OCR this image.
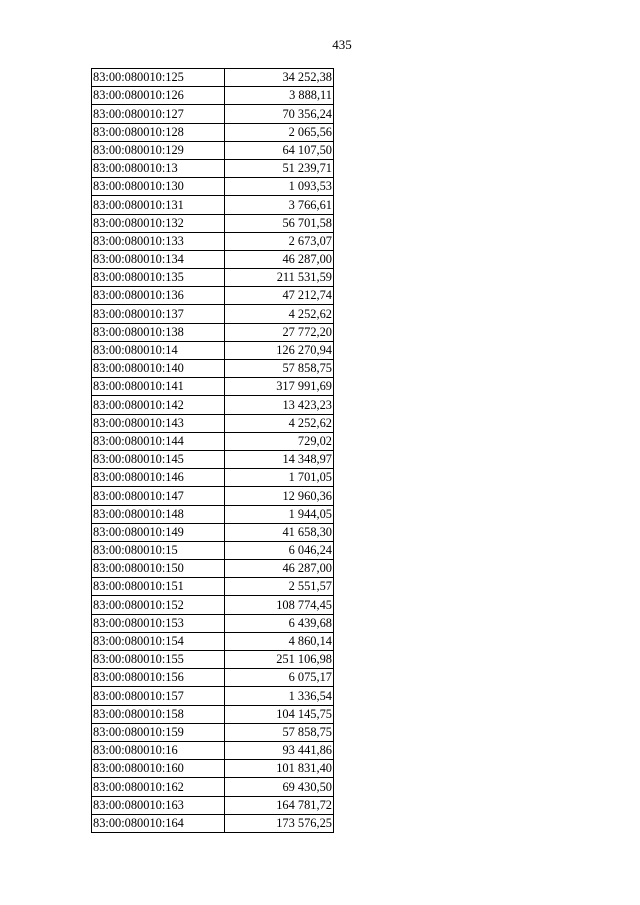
435
83:00:080010:125	34 252,38
83:00:080010:126	3 888,11
83:00:080010:127	70 356,24
83:00:080010:128	2 065,56
83:00:080010:129	64 107,50
83:00:080010:13	51 239,71
83:00:080010:130	1 093,53
83:00:080010:131	3 766,61
83:00:080010:132	56 701,58
83:00:080010:133	2 673,07
83:00:080010:134	46 287,00
83:00:080010:135	211 531,59
83:00:080010:136	47 212,74
83:00:080010:137	4 252,62
83:00:080010:138	27 772,20
83:00:080010:14	126 270,94
83:00:080010:140	57 858,75
83:00:080010:141	317 991,69
83:00:080010:142	13 423,23
83:00:080010:143	4 252,62
83:00:080010:144	729,02
83:00:080010:145	14 348,97
83:00:080010:146	1 701,05
83:00:080010:147	12 960,36
83:00:080010:148	1 944,05
83:00:080010:149	41 658,30
83:00:080010:15	6 046,24
83:00:080010:150	46 287,00
83:00:080010:151	2 551,57
83:00:080010:152	108 774,45
83:00:080010:153	6 439,68
83:00:080010:154	4 860,14
83:00:080010:155	251 106,98
83:00:080010:156	6 075,17
83:00:080010:157	1 336,54
83:00:080010:158	104 145,75
83:00:080010:159	57 858,75
83:00:080010:16	93 441,86
83:00:080010:160	101 831,40
83:00:080010:162	69 430,50
83:00:080010:163	164 781,72
83:00:080010:164	173 576,25
